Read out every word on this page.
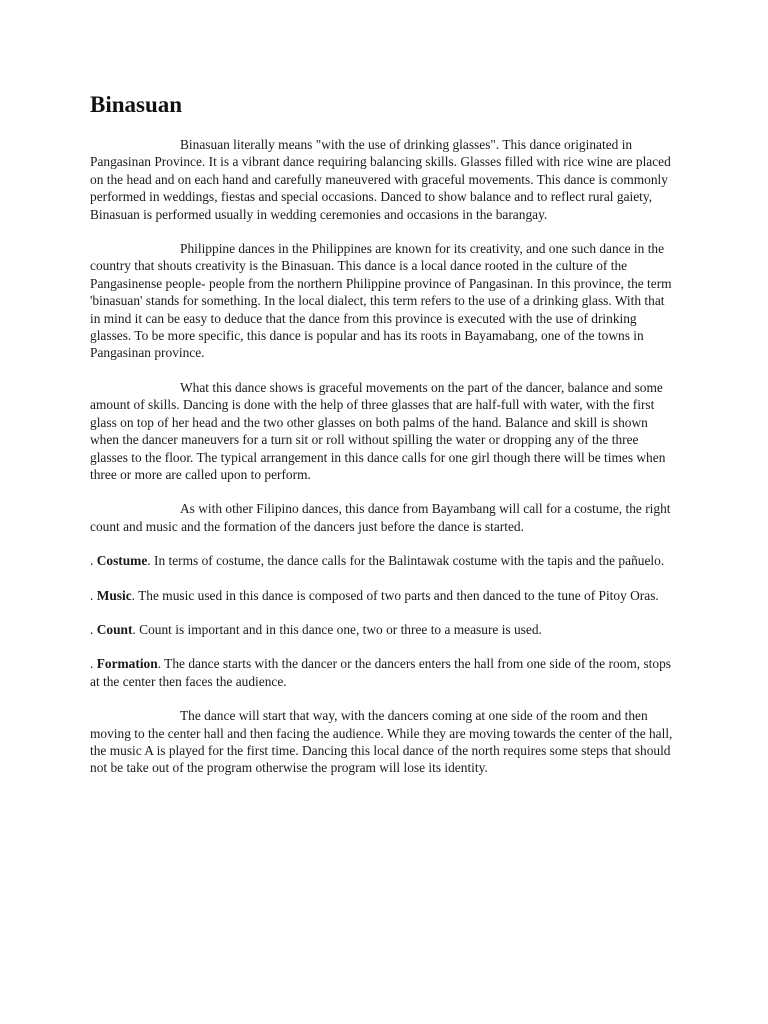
Binasuan

Binasuan literally means "with the use of drinking glasses". This dance originated in Pangasinan Province. It is a vibrant dance requiring balancing skills. Glasses filled with rice wine are placed on the head and on each hand and carefully maneuvered with graceful movements. This dance is commonly performed in weddings, fiestas and special occasions. Danced to show balance and to reflect rural gaiety, Binasuan is performed usually in wedding ceremonies and occasions in the barangay.

Philippine dances in the Philippines are known for its creativity, and one such dance in the country that shouts creativity is the Binasuan. This dance is a local dance rooted in the culture of the Pangasinense people- people from the northern Philippine province of Pangasinan. In this province, the term 'binasuan' stands for something. In the local dialect, this term refers to the use of a drinking glass. With that in mind it can be easy to deduce that the dance from this province is executed with the use of drinking glasses. To be more specific, this dance is popular and has its roots in Bayamabang, one of the towns in Pangasinan province.

What this dance shows is graceful movements on the part of the dancer, balance and some amount of skills. Dancing is done with the help of three glasses that are half-full with water, with the first glass on top of her head and the two other glasses on both palms of the hand. Balance and skill is shown when the dancer maneuvers for a turn sit or roll without spilling the water or dropping any of the three glasses to the floor. The typical arrangement in this dance calls for one girl though there will be times when three or more are called upon to perform.

As with other Filipino dances, this dance from Bayambang will call for a costume, the right count and music and the formation of the dancers just before the dance is started.

. Costume. In terms of costume, the dance calls for the Balintawak costume with the tapis and the pañuelo.

. Music. The music used in this dance is composed of two parts and then danced to the tune of Pitoy Oras.

. Count. Count is important and in this dance one, two or three to a measure is used.

. Formation. The dance starts with the dancer or the dancers enters the hall from one side of the room, stops at the center then faces the audience.

The dance will start that way, with the dancers coming at one side of the room and then moving to the center hall and then facing the audience. While they are moving towards the center of the hall, the music A is played for the first time. Dancing this local dance of the north requires some steps that should not be take out of the program otherwise the program will lose its identity.
